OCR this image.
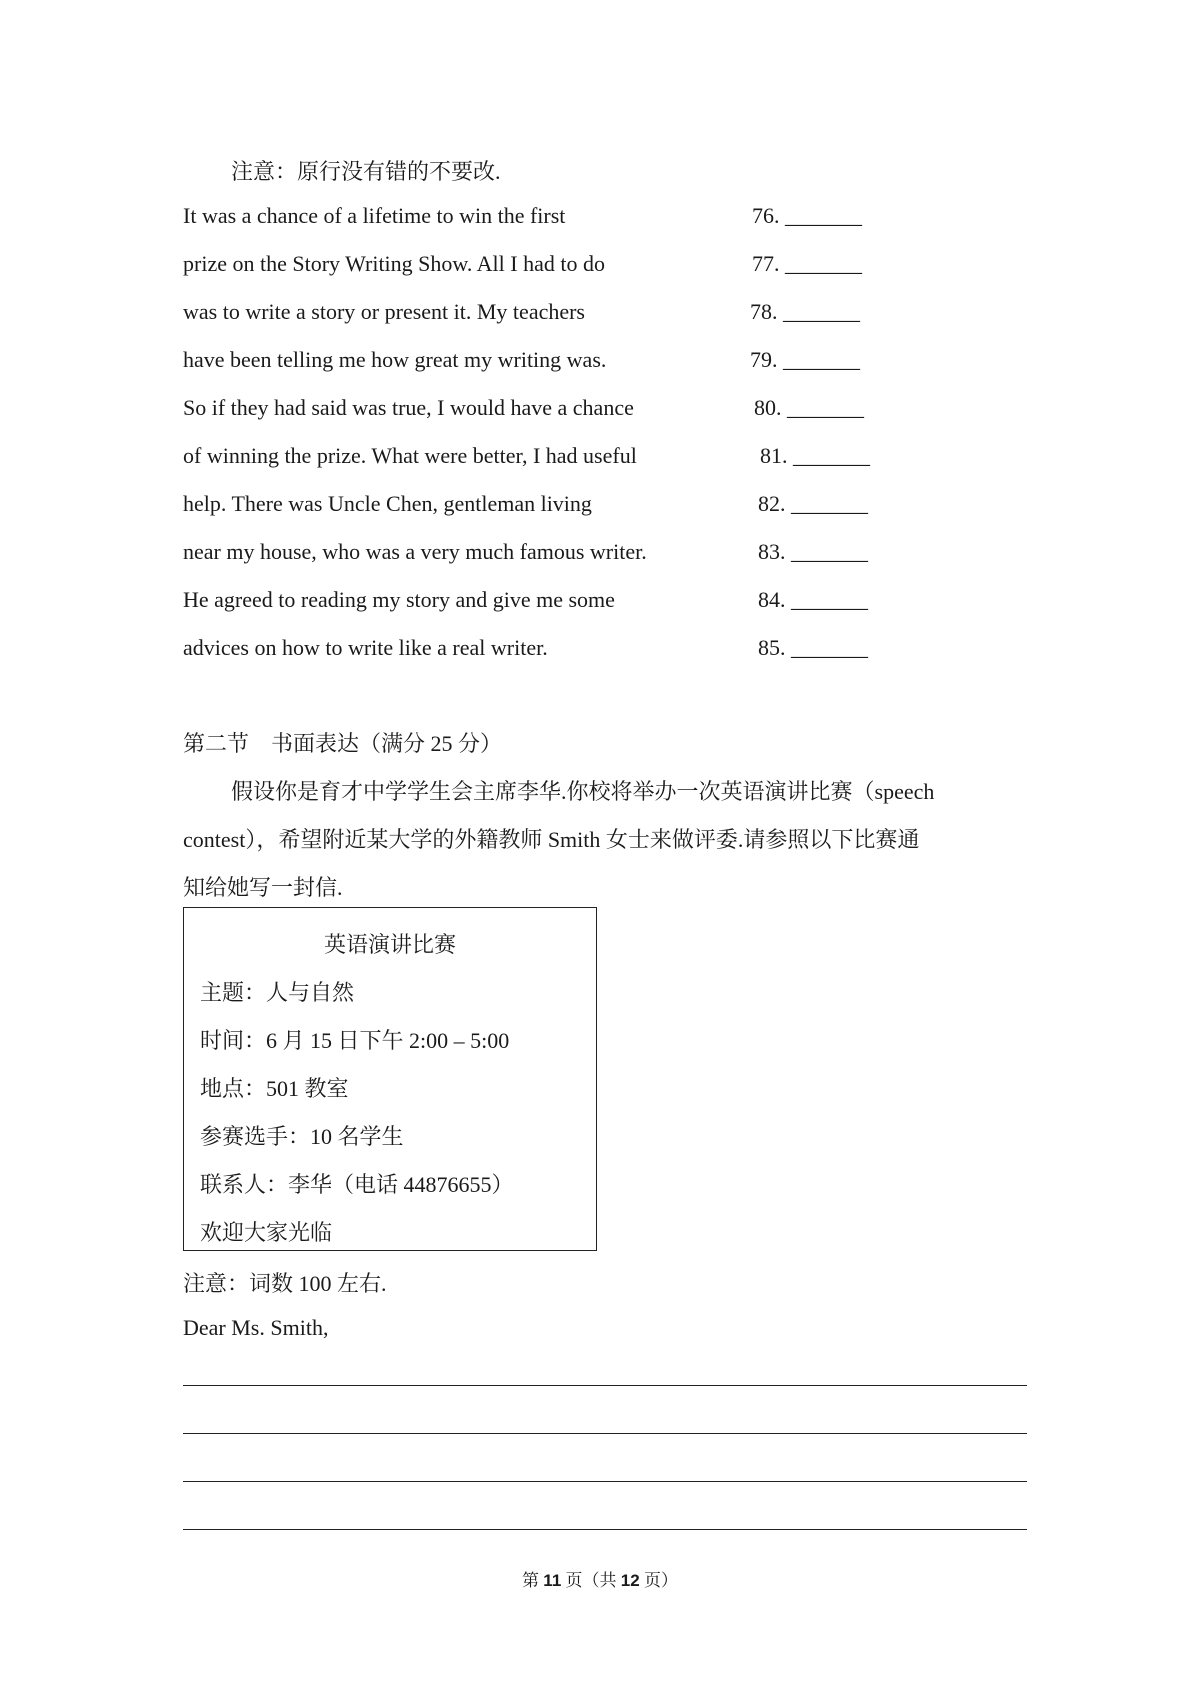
注意：原行没有错的不要改.
It was a chance of a lifetime to win the first	76. _______
prize on the Story Writing Show. All I had to do	77. _______
was to write a story or present it. My teachers	78. _______
have been telling me how great my writing was.	79. _______
So if they had said was true, I would have a chance	80. _______
of winning the prize. What were better, I had useful	81. _______
help. There was Uncle Chen, gentleman living	82. _______
near my house, who was a very much famous writer.	83. _______
He agreed to reading my story and give me some	84. _______
advices on how to write like a real writer.	85. _______
第二节　书面表达（满分 25 分）
假设你是育才中学学生会主席李华.你校将举办一次英语演讲比赛（speech
contest），希望附近某大学的外籍教师 Smith 女士来做评委.请参照以下比赛通
知给她写一封信.
英语演讲比赛
主题：人与自然
时间：6 月 15 日下午 2:00 – 5:00
地点：501 教室
参赛选手：10 名学生
联系人：李华（电话 44876655）
欢迎大家光临
注意：词数 100 左右.
Dear Ms. Smith,
第 11 页（共 12 页）
